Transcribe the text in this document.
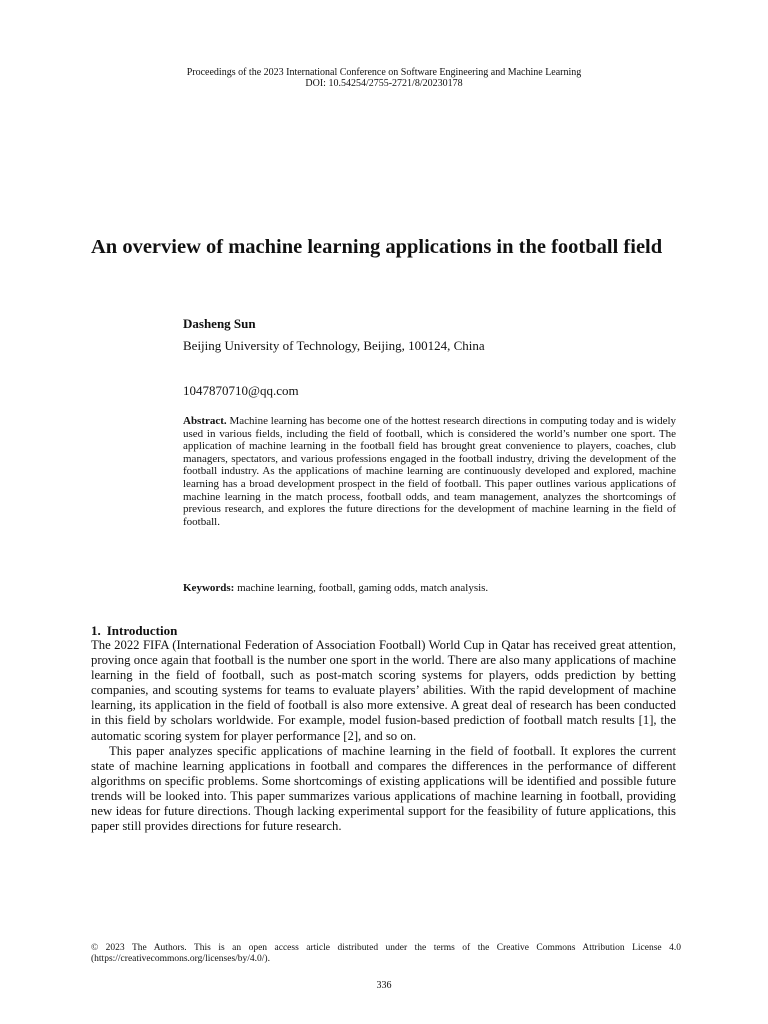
Proceedings of the 2023 International Conference on Software Engineering and Machine Learning
DOI: 10.54254/2755-2721/8/20230178
An overview of machine learning applications in the football field
Dasheng Sun
Beijing University of Technology, Beijing, 100124, China
1047870710@qq.com

Abstract. Machine learning has become one of the hottest research directions in computing today and is widely used in various fields, including the field of football, which is considered the world’s number one sport. The application of machine learning in the football field has brought great convenience to players, coaches, club managers, spectators, and various professions engaged in the football industry, driving the development of the football industry. As the applications of machine learning are continuously developed and explored, machine learning has a broad development prospect in the field of football. This paper outlines various applications of machine learning in the match process, football odds, and team management, analyzes the shortcomings of previous research, and explores the future directions for the development of machine learning in the field of football.

Keywords: machine learning, football, gaming odds, match analysis.

1. Introduction

The 2022 FIFA (International Federation of Association Football) World Cup in Qatar has received great attention, proving once again that football is the number one sport in the world. There are also many applications of machine learning in the field of football, such as post-match scoring systems for players, odds prediction by betting companies, and scouting systems for teams to evaluate players’ abilities. With the rapid development of machine learning, its application in the field of football is also more extensive. A great deal of research has been conducted in this field by scholars worldwide. For example, model fusion-based prediction of football match results [1], the automatic scoring system for player performance [2], and so on.

This paper analyzes specific applications of machine learning in the field of football. It explores the current state of machine learning applications in football and compares the differences in the performance of different algorithms on specific problems. Some shortcomings of existing applications will be identified and possible future trends will be looked into. This paper summarizes various applications of machine learning in football, providing new ideas for future directions. Though lacking experimental support for the feasibility of future applications, this paper still provides directions for future research.

© 2023 The Authors. This is an open access article distributed under the terms of the Creative Commons Attribution License 4.0 (https://creativecommons.org/licenses/by/4.0/).

336
